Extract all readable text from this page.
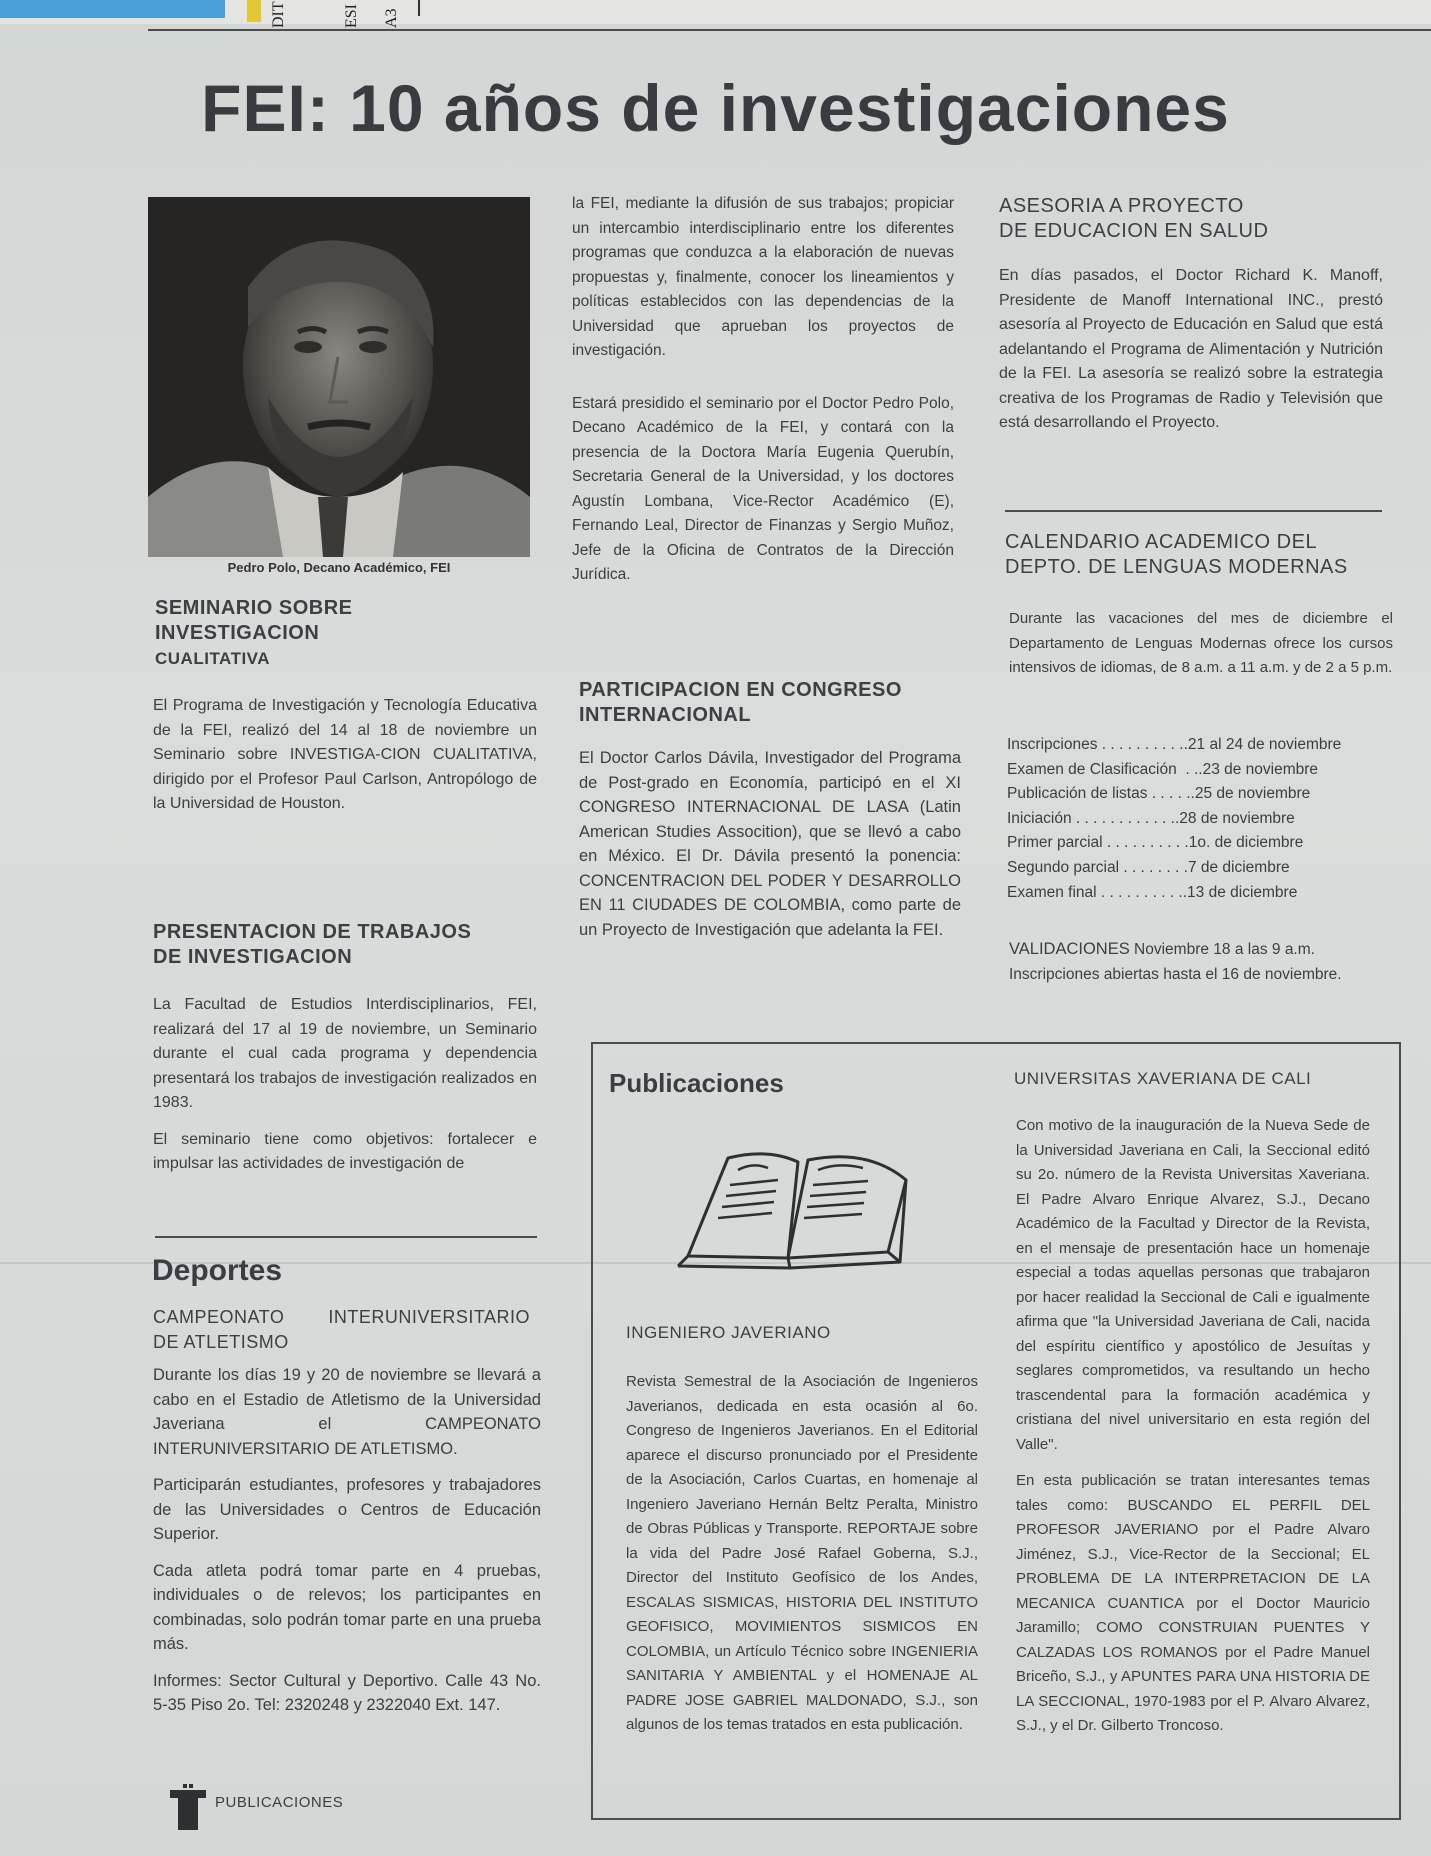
DIT	ESI A3
FEI: 10 años de investigaciones
Pedro Polo, Decano Académico, FEI
SEMINARIO SOBRE
INVESTIGACION
CUALITATIVA

El Programa de Investigación y Tecnología Educativa de la FEI, realizó del 14 al 18 de noviembre un Seminario sobre INVESTIGA-CION CUALITATIVA, dirigido por el Profesor Paul Carlson, Antropólogo de la Universidad de Houston.

PRESENTACION DE TRABAJOS
DE INVESTIGACION

La Facultad de Estudios Interdisciplinarios, FEI, realizará del 17 al 19 de noviembre, un Seminario durante el cual cada programa y dependencia presentará los trabajos de investigación realizados en 1983.

El seminario tiene como objetivos: fortalecer e impulsar las actividades de investigación de

Deportes
CAMPEONATO        INTERUNIVERSITARIO
DE ATLETISMO

Durante los días 19 y 20 de noviembre se llevará a cabo en el Estadio de Atletismo de la Universidad Javeriana el CAMPEONATO INTERUNIVERSITARIO DE ATLETISMO.

Participarán estudiantes, profesores y trabajadores de las Universidades o Centros de Educación Superior.

Cada atleta podrá tomar parte en 4 pruebas, individuales o de relevos; los participantes en combinadas, solo podrán tomar parte en una prueba más.

Informes: Sector Cultural y Deportivo. Calle 43 No. 5-35 Piso 2o. Tel: 2320248 y 2322040 Ext. 147.

la FEI, mediante la difusión de sus trabajos; propiciar un intercambio interdisciplinario entre los diferentes programas que conduzca a la elaboración de nuevas propuestas y, finalmente, conocer los lineamientos y políticas establecidos con las dependencias de la Universidad que aprueban los proyectos de investigación.

Estará presidido el seminario por el Doctor Pedro Polo, Decano Académico de la FEI, y contará con la presencia de la Doctora María Eugenia Querubín, Secretaria General de la Universidad, y los doctores Agustín Lombana, Vice-Rector Académico (E), Fernando Leal, Director de Finanzas y Sergio Muñoz, Jefe de la Oficina de Contratos de la Dirección Jurídica.

PARTICIPACION EN CONGRESO
INTERNACIONAL

El Doctor Carlos Dávila, Investigador del Programa de Post-grado en Economía, participó en el XI CONGRESO INTERNACIONAL DE LASA (Latin American Studies Assocition), que se llevó a cabo en México. El Dr. Dávila presentó la ponencia: CONCENTRACION DEL PODER Y DESARROLLO EN 11 CIUDADES DE COLOMBIA, como parte de un Proyecto de Investigación que adelanta la FEI.

ASESORIA A PROYECTO
DE EDUCACION EN SALUD

En días pasados, el Doctor Richard K. Manoff, Presidente de Manoff International INC., prestó asesoría al Proyecto de Educación en Salud que está adelantando el Programa de Alimentación y Nutrición de la FEI. La asesoría se realizó sobre la estrategia creativa de los Programas de Radio y Televisión que está desarrollando el Proyecto.

CALENDARIO ACADEMICO DEL
DEPTO. DE LENGUAS MODERNAS
Durante las vacaciones del mes de diciembre el Departamento de Lenguas Modernas ofrece los cursos intensivos de idiomas, de 8 a.m. a 11 a.m. y de 2 a 5 p.m.
Inscripciones . . . . . . . . . . .21 al 24 de noviembre
Examen de Clasificación  . . .23 de noviembre
Publicación de listas . . . . . .25 de noviembre
Iniciación . . . . . . . . . . . . .28 de noviembre
Primer parcial . . . . . . . . . . 1o. de diciembre
Segundo parcial . . . . . . . . 7 de diciembre
Examen final . . . . . . . . . . .13 de diciembre
VALIDACIONES Noviembre 18 a las 9 a.m.
Inscripciones abiertas hasta el 16 de noviembre.
Publicaciones
INGENIERO JAVERIANO
Revista Semestral de la Asociación de Ingenieros Javerianos, dedicada en esta ocasión al 6o. Congreso de Ingenieros Javerianos. En el Editorial aparece el discurso pronunciado por el Presidente de la Asociación, Carlos Cuartas, en homenaje al Ingeniero Javeriano Hernán Beltz Peralta, Ministro de Obras Públicas y Transporte. REPORTAJE sobre la vida del Padre José Rafael Goberna, S.J., Director del Instituto Geofísico de los Andes, ESCALAS SISMICAS, HISTORIA DEL INSTITUTO GEOFISICO, MOVIMIENTOS SISMICOS EN COLOMBIA, un Artículo Técnico sobre INGENIERIA SANITARIA Y AMBIENTAL y el HOMENAJE AL PADRE JOSE GABRIEL MALDONADO, S.J., son algunos de los temas tratados en esta publicación.
UNIVERSITAS XAVERIANA DE CALI

Con motivo de la inauguración de la Nueva Sede de la Universidad Javeriana en Cali, la Seccional editó su 2o. número de la Revista Universitas Xaveriana. El Padre Alvaro Enrique Alvarez, S.J., Decano Académico de la Facultad y Director de la Revista, en el mensaje de presentación hace un homenaje especial a todas aquellas personas que trabajaron por hacer realidad la Seccional de Cali e igualmente afirma que "la Universidad Javeriana de Cali, nacida del espíritu científico y apostólico de Jesuítas y seglares comprometidos, va resultando un hecho trascendental para la formación académica y cristiana del nivel universitario en esta región del Valle".

En esta publicación se tratan interesantes temas tales como: BUSCANDO EL PERFIL DEL PROFESOR JAVERIANO por el Padre Alvaro Jiménez, S.J., Vice-Rector de la Seccional; EL PROBLEMA DE LA INTERPRETACION DE LA MECANICA CUANTICA por el Doctor Mauricio Jaramillo; COMO CONSTRUIAN PUENTES Y CALZADAS LOS ROMANOS por el Padre Manuel Briceño, S.J., y APUNTES PARA UNA HISTORIA DE LA SECCIONAL, 1970-1983 por el P. Alvaro Alvarez, S.J., y el Dr. Gilberto Troncoso.

PUBLICACIONES
